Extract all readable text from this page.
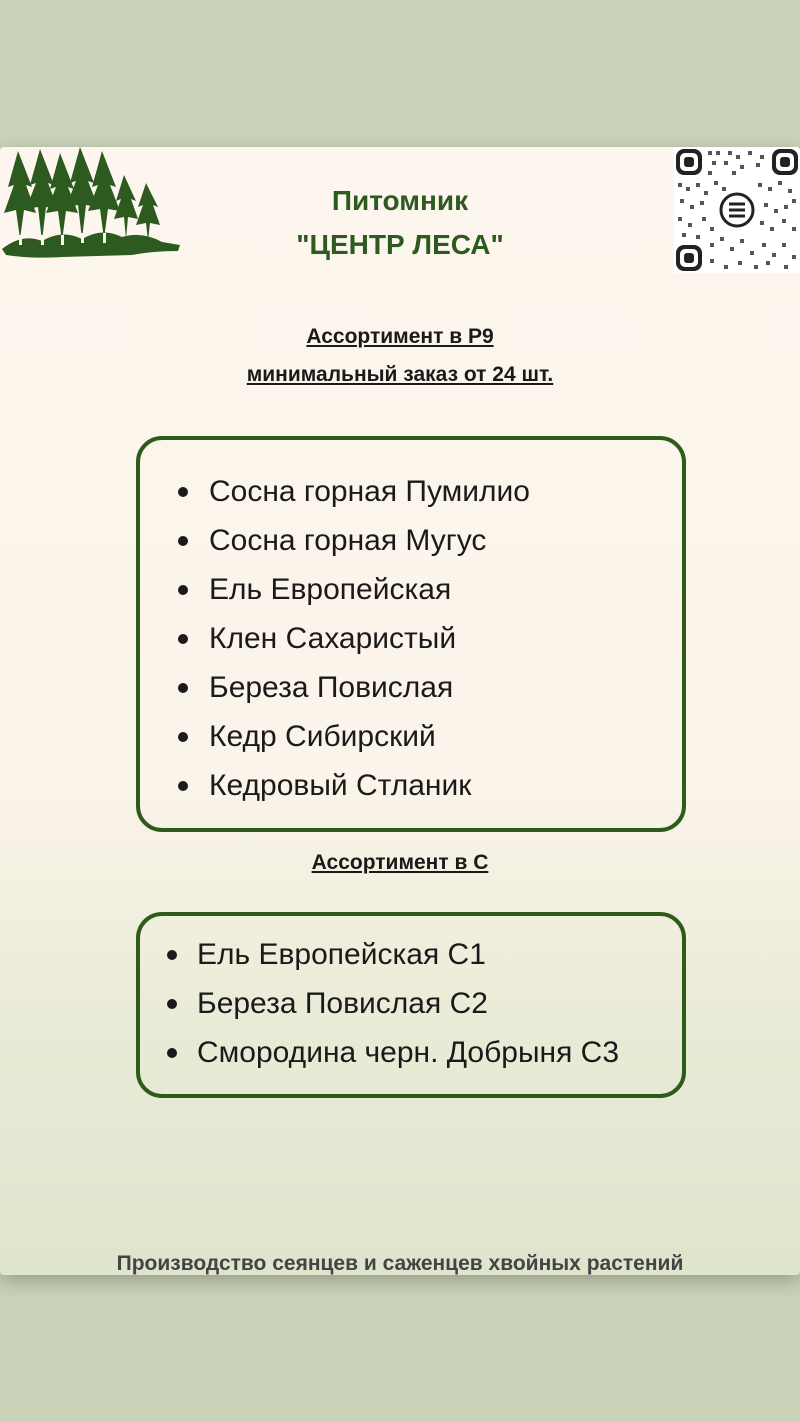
Питомник
"ЦЕНТР ЛЕСА"
Ассортимент в Р9
минимальный заказ от 24 шт.
Сосна горная Пумилио
Сосна горная Мугус
Ель Европейская
Клен Сахаристый
Береза Повислая
Кедр Сибирский
Кедровый Стланик
Ассортимент в С
Ель Европейская С1
Береза Повислая С2
Смородина черн. Добрыня С3
Производство сеянцев и саженцев хвойных растений
